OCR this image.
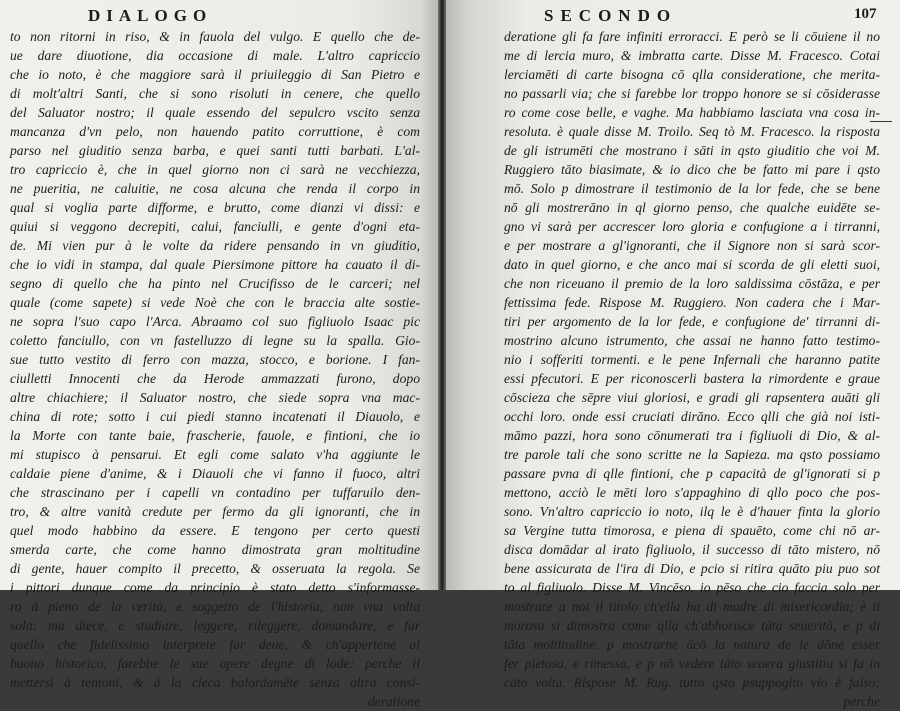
DIALOGO
to non ritorni in riso, & in fauola del vulgo. E quello che de-
ue dare diuotione, dia occasione di male. L'altro capriccio
che io noto, è che maggiore sarà il priuileggio di San Pietro e
di molt'altri Santi, che si sono risoluti in cenere, che quello
del Saluator nostro; il quale essendo del sepulcro vscito senza
mancanza d'vn pelo, non hauendo patito corruttione, è com
parso nel giuditio senza barba, e quei santi tutti barbati. L'al-
tro capriccio è, che in quel giorno non ci sarà ne vecchiezza,
ne pueritia, ne caluitie, ne cosa alcuna che renda il corpo in
qual si voglia parte difforme, e brutto, come dianzi vi dissi: e
quiui si veggono decrepiti, calui, fanciulli, e gente d'ogni eta-
de. Mi vien pur à le volte da ridere pensando in vn giuditio,
che io vidi in stampa, dal quale Piersimone pittore ha cauato il di-
segno di quello che ha pinto nel Crucifisso de le carceri; nel
quale (come sapete) si vede Noè che con le braccia alte sostie-
ne sopra l'suo capo l'Arca. Abraamo col suo figliuolo Isaac pic
coletto fanciullo, con vn fastelluzzo di legne su la spalla. Gio-
sue tutto vestito di ferro con mazza, stocco, e borione. I fan-
ciulletti Innocenti che da Herode ammazzati furono, dopo
altre chiachiere; il Saluator nostro, che siede sopra vna mac-
china di rote; sotto i cui piedi stanno incatenati il Diauolo, e
la Morte con tante baie, frascherie, fauole, e fintioni, che io
mi stupisco à pensarui. Et egli come salato v'ha aggiunte le
caldaie piene d'anime, & i Diauoli che vi fanno il fuoco, altri
che strascinano per i capelli vn contadino per tuffaruilo den-
tro, & altre vanità credute per fermo da gli ignoranti, che in
quel modo habbino da essere. E tengono per certo questi
smerda carte, che come hanno dimostrata gran moltitudine
di gente, hauer compito il precetto, & osseruata la regola. Se
i pittori dunque come da principio è stato detto s'informasse-
ro à pieno de la verità, e soggetto de l'historia, non vna volta
sola: ma diece, e studiare, leggere, rileggere, domandare, e far
quello che fidelissimo interprete far deue, & ch'appertene al
buono historico, farebbe le sue opere degne di lode: perche il
mettersi à tentoni, & à la cieca balordamēte senza altra consi-
deratione
SECONDO	107
deratione gli fa fare infiniti erroracci. E però se li cōuiene il no
me di lercia muro, & imbratta carte. Disse M. Fracesco. Cotai
lerciamēti di carte bisogna cō qlla consideratione, che merita-
no passarli via; che si farebbe lor troppo honore se si cōsiderasse
ro come cose belle, e vaghe. Ma habbiamo lasciata vna cosa in-
resoluta. è quale disse M. Troilo. Seq tò M. Fracesco. la risposta
de gli istrumēti che mostrano i sāti in qsto giuditio che voi M.
Ruggiero tāto biasimate, & io dico che be fatto mi pare i qsto
mō. Solo p dimostrare il testimonio de la lor fede, che se bene
nō gli mostrerāno in ql giorno penso, che qualche euidēte se-
gno vi sarà per accrescer loro gloria e confugione a i tirranni,
e per mostrare a gl'ignoranti, che il Signore non si sarà scor-
dato in quel giorno, e che anco mai si scorda de gli eletti suoi,
che non riceuano il premio de la loro saldissima cōstāza, e per
fettissima fede. Rispose M. Ruggiero. Non cadera che i Mar-
tiri per argomento de la lor fede, e confugione de' tirranni di-
mostrino alcuno istrumento, che assai ne hanno fatto testimo-
nio i sofferiti tormenti. e le pene Infernali che haranno patite
essi pfecutori. E per riconoscerli bastera la rimordente e graue
cōscieza che sēpre viui gloriosi, e gradi gli rapsentera auāti gli
occhi loro. onde essi cruciati dirāno. Ecco qlli che già noi isti-
māmo pazzi, hora sono cōnumerati tra i figliuoli di Dio, & al-
tre parole tali che sono scritte ne la Sapieza. ma qsto possiamo
passare pvna di qlle fintioni, che p capacità de gl'ignorati si p
mettono, acciò le mēti loro s'appaghino di qllo poco che pos-
sono. Vn'altro capriccio io noto, ilq le è d'hauer finta la glorio
sa Vergine tutta timorosa, e piena di spauēto, come chi nō ar-
disca domādar al irato figliuolo, il successo di tāto mistero, nō
bene assicurata de l'ira di Dio, e pcio si ritira quāto piu puo sot
to al figliuolo. Disse M. Vincēso. io pēso che cio faccia solo per
mostrare a noi il titolo ch'ella ha di madre di misericordia; è ti
morosa si dimostra come qlla ch'abhorisce tāta seuerità, e p di
tāta moltitudine. p mostrarne ācō la natura de le dōne esser
fer pietosa, e rimessa, e p nō vedere tāto seuera giustitia si fa in
cāto volta. Rispose M. Rug. tutto qsto psuppogito vio è falso;
perche
